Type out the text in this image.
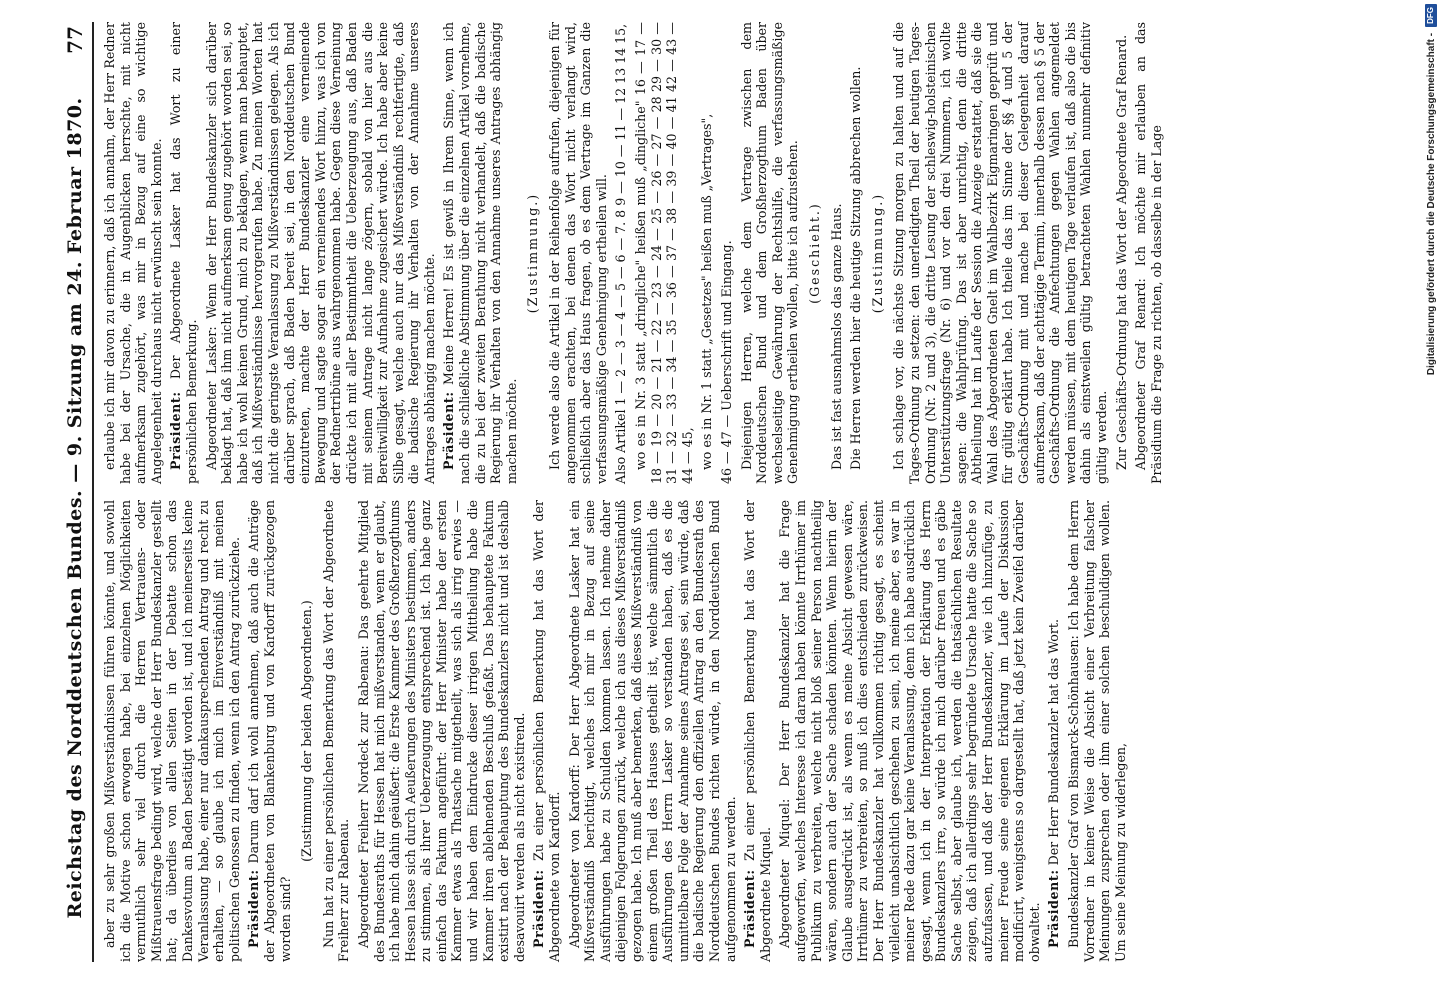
Reichstag des Norddeutschen Bundes. — 9. Sitzung am 24. Februar 1870.
77

aber zu sehr großen Mißverständnissen führen könnte, und sowohl ich die Motive schon erwogen habe, bei einzelnen Möglichkeiten vermuthlich sehr viel durch die Herren Vertrauens- oder Mißtrauensfrage bedingt wird, welche der Herr Bundeskanzler gestellt hat; da überdies von allen Seiten in der Debatte schon das Dankesvotum an Baden bestätigt worden ist, und ich meinerseits keine Veranlassung habe, einer nur dankausprechenden Antrag und recht zu erhalten, — so glaube ich mich im Einverständniß mit meinen politischen Genossen zu finden, wenn ich den Antrag zurückziehe. Präsident: Darum darf ich wohl annehmen, daß auch die Anträge der Abgeordneten von Blankenburg und von Kardorff zurückgezogen worden sind?

(Zustimmung der beiden Abgeordneten.) Nun hat zu einer persönlichen Bemerkung das Wort der Abgeordnete Freiherr zur Rabenau. Abgeordneter Freiherr Nordeck zur Rabenau: Das geehrte Mitglied des Bundesraths für Hessen hat mich mißverstanden, wenn er glaubt, ich habe mich dahin geäußert: die Erste Kammer des Großherzogthums Hessen lasse sich durch Aeußerungen des Ministers bestimmen, anders zu stimmen, als ihrer Ueberzeugung entsprechend ist. Ich habe ganz einfach das Faktum angeführt: der Herr Minister habe der ersten Kammer etwas als Thatsache mitgetheilt, was sich als irrig erwies — und wir haben dem Eindrucke dieser irrigen Mittheilung habe die Kammer ihren ablehnenden Beschluß gefaßt. Das behauptete Faktum existirt nach der Behauptung des Bundeskanzlers nicht und ist deshalb desavouirt werden als nicht existirend. Präsident: Zu einer persönlichen Bemerkung hat das Wort der Abgeordnete von Kardorff. Abgeordneter von Kardorff: Der Herr Abgeordnete Lasker hat ein Mißverständniß berichtigt, welches ich mir in Bezug auf seine Ausführungen habe zu Schulden kommen lassen. Ich nehme daher diejenigen Folgerungen zurück, welche ich aus dieses Mißverständniß gezogen habe. Ich muß aber bemerken, daß dieses Mißverständniß von einem großen Theil des Hauses getheilt ist, welche sämmtlich die Ausführungen des Herrn Lasker so verstanden haben, daß es die unmittelbare Folge der Annahme seines Antrages sei, sein würde, daß die badische Regierung den offiziellen Antrag an den Bundesrath des Norddeutschen Bundes richten würde, in den Norddeutschen Bund aufgenommen zu werden. Präsident: Zu einer persönlichen Bemerkung hat das Wort der Abgeordnete Miquel. Abgeordneter Miquel: Der Herr Bundeskanzler hat die Frage aufgeworfen, welches Interesse ich daran haben könnte Irrthümer im Publikum zu verbreiten, welche nicht bloß seiner Person nachtheilig wären, sondern auch der Sache schaden könnten. Wenn hierin der Glaube ausgedrückt ist, als wenn es meine Absicht gewesen wäre, Irrthümer zu verbreiten, so muß ich dies entschieden zurückweisen. Der Herr Bundeskanzler hat vollkommen richtig gesagt, es scheint vielleicht unabsichtlich geschehen zu sein, ich meine aber, es war in meiner Rede dazu gar keine Veranlassung, denn ich habe ausdrücklich gesagt, wenn ich in der Interpretation der Erklärung des Herrn Bundeskanzlers irre, so würde ich mich darüber freuen und es gäbe Sache selbst, aber glaube ich, werden die thatsächlichen Resultate zeigen, daß ich allerdings sehr begründete Ursache hatte die Sache so aufzufassen, und daß der Herr Bundeskanzler, wie ich hinzufüge, zu meiner Freude seine eigenen Erklärung im Laufe der Diskussion modificirt, wenigstens so dargestellt hat, daß jetzt kein Zweifel darüber obwaltet. Präsident: Der Herr Bundeskanzler hat das Wort. Bundeskanzler Graf von Bismarck-Schönhausen: Ich habe dem Herrn Vorredner in keiner Weise die Absicht einer Verbreitung falscher Meinungen zusprechen oder ihm einer solchen beschuldigen wollen. Um seine Meinung zu widerlegen,

erlaube ich mir davon zu erinnern, daß ich annahm, der Herr Redner habe bei der Ursache, die in Augenblicken herrschte, mit nicht aufmerksam zugehört, was mir in Bezug auf eine so wichtige Angelegenheit durchaus nicht erwünscht sein konnte. Präsident: Der Abgeordnete Lasker hat das Wort zu einer persönlichen Bemerkung. Abgeordneter Lasker: Wenn der Herr Bundeskanzler sich darüber beklagt hat, daß ihm nicht aufmerksam genug zugehört worden sei, so habe ich wohl keinen Grund, mich zu beklagen, wenn man behauptet, daß ich Mißverständnisse hervorgerufen habe. Zu meinen Worten hat nicht die geringste Veranlassung zu Mißverständnissen gelegen. Als ich darüber sprach, daß Baden bereit sei, in den Norddeutschen Bund einzutreten, machte der Herr Bundeskanzler eine verneinende Bewegung und sagte sogar ein verneinendes Wort hinzu, was ich von der Rednertribüne aus wahrgenommen habe. Gegen diese Verneinung drückte ich mit aller Bestimmtheit die Ueberzeugung aus, daß Baden mit seinem Antrage nicht lange zögern, sobald von hier aus die Bereitwilligkeit zur Aufnahme zugesichert würde. Ich habe aber keine Silbe gesagt, welche auch nur das Mißverständniß rechtfertigte, daß die badische Regierung ihr Verhalten von der Annahme unseres Antrages abhängig machen möchte. Präsident: Meine Herren! Es ist gewiß in Ihrem Sinne, wenn ich nach die schließliche Abstimmung über die einzelnen Artikel vornehme, die zu bei der zweiten Berathung nicht verhandelt, daß die badische Regierung ihr Verhalten von den Annahme unseres Antrages abhängig machen möchte.

(Zustimmung.) Ich werde also die Artikel in der Reihenfolge aufrufen, diejenigen für angenommen erachten, bei denen das Wort nicht verlangt wird, schließlich aber das Haus fragen, ob es dem Vertrage im Ganzen die verfassungsmäßige Genehmigung ertheilen will. Also Artikel 1 — 2 — 3 — 4 — 5 — 6 — 7. 8 9 — 10 — 11 — 12 13 14 15, wo es in Nr. 3 statt „dringliche" heißen muß „dingliche" 16 — 17 — 18 — 19 — 20 — 21 — 22 — 23 — 24 — 25 — 26 — 27 — 28 29 — 30 — 31 — 32 — 33 — 34 — 35 — 36 — 37 — 38 — 39 — 40 — 41 42 — 43 — 44 — 45, wo es in Nr. 1 statt „Gesetzes" heißen muß „Vertrages", 46 — 47 — Ueberschrift und Eingang. Diejenigen Herren, welche dem Vertrage zwischen dem Norddeutschen Bund und dem Großherzogthum Baden über wechselseitige Gewährung der Rechtshilfe, die verfassungsmäßige Genehmigung ertheilen wollen, bitte ich aufzustehen. (Geschieht.) Das ist fast ausnahmslos das ganze Haus. Die Herren werden hier die heutige Sitzung abbrechen wollen. (Zustimmung.) Ich schlage vor, die nächste Sitzung morgen zu halten und auf die Tages-Ordnung zu setzen: den unerledigten Theil der heutigen Tages-Ordnung (Nr. 2 und 3), die dritte Lesung der schleswig-holsteinischen Unterstützungsfrage (Nr. 6) und vor den drei Nummern, ich wollte sagen: die Wahlprüfung. Das ist aber unrichtig, denn die dritte Abtheilung hat im Laufe der Session die Anzeige erstattet, daß sie die Wahl des Abgeordneten Gnelt im Wahlbezirk Eigmaringen geprüft und für gültig erklärt habe. Ich theile das im Sinne der §§ 4 und 5 der Geschäfts-Ordnung mit und mache bei dieser Gelegenheit darauf aufmerksam, daß der achttägige Termin, innerhalb dessen nach § 5 der Geschäfts-Ordnung die Anfechtungen gegen Wahlen angemeldet werden müssen, mit dem heutigen Tage verlaufen ist, daß also die bis dahin als einstweilen gültig betrachteten Wahlen nunmehr definitiv gültig werden. Zur Geschäfts-Ordnung hat das Wort der Abgeordnete Graf Renard. Abgeordneter Graf Renard: Ich möchte mir erlauben an das Präsidium die Frage zu richten, ob dasselbe in der Lage	Digitalisierung gefördert durch die Deutsche Forschungsgemeinschaft -
DFG
